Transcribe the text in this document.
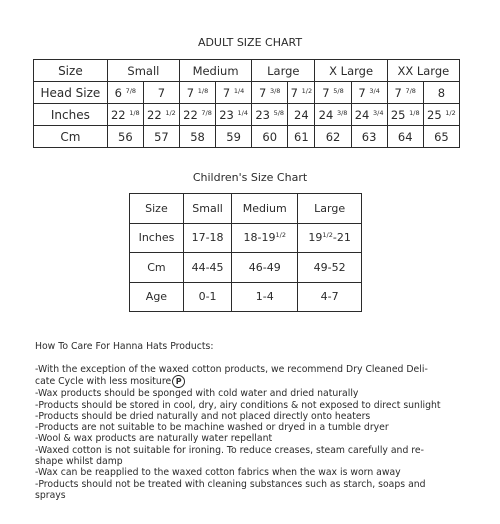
ADULT SIZE CHART
Size	Small		Medium		Large		X Large		XX Large	
Head Size	6 $^{7/8}$	7	7 $^{1/8}$	7 $^{1/4}$	7 $^{3/8}$	7 $^{1/2}$	7 $^{5/8}$	7 $^{3/4}$	7 $^{7/8}$	8
Inches	22 $^{1/8}$	22 $^{1/2}$	22 $^{7/8}$	23 $^{1/4}$	23 $^{5/8}$	24	24 $^{3/8}$	24 $^{3/4}$	25 $^{1/8}$	25 $^{1/2}$
Cm	56	57	58	59	60	61	62	63	64	65
Children's Size Chart
Size	Small	Medium	Large
Inches	17-18	$18-19^{1/2}$	$19^{1/2}-21$
Cm	44-45	46-49	49-52
Age	0-1	1-4	4-7
How To Care For Hanna Hats Products:
-With the exception of the waxed cotton products, we recommend Dry Cleaned Deli-
cate Cycle with less mositure P
-Wax products should be sponged with cold water and dried naturally
-Products should be stored in cool, dry, airy conditions & not exposed to direct sunlight
-Products should be dried naturally and not placed directly onto heaters
-Products are not suitable to be machine washed or dryed in a tumble dryer
-Wool & wax products are naturally water repellant
-Waxed cotton is not suitable for ironing. To reduce creases, steam carefully and re-
shape whilst damp
-Wax can be reapplied to the waxed cotton fabrics when the wax is worn away
-Products should not be treated with cleaning substances such as starch, soaps and
sprays
